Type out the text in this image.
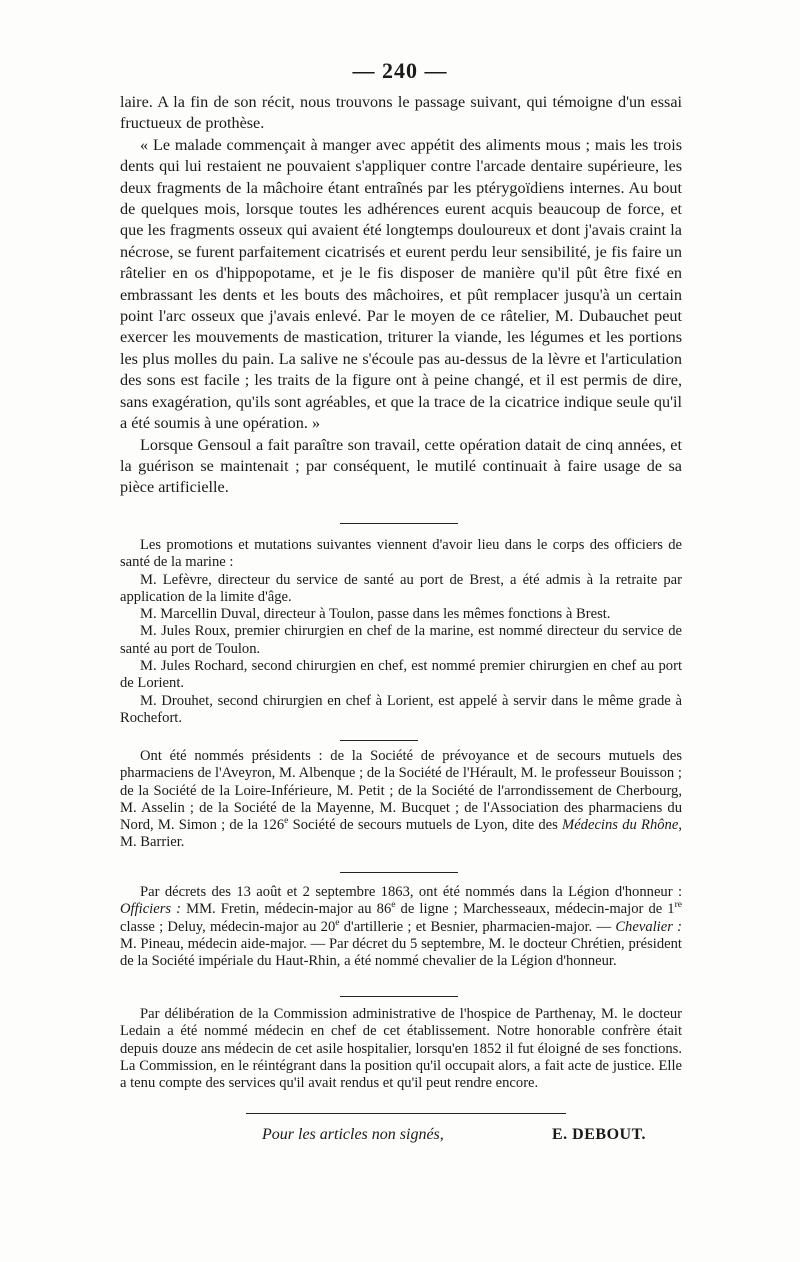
— 240 —

laire. A la fin de son récit, nous trouvons le passage suivant, qui témoigne d'un essai fructueux de prothèse.

« Le malade commençait à manger avec appétit des aliments mous ; mais les trois dents qui lui restaient ne pouvaient s'appliquer contre l'arcade dentaire supérieure, les deux fragments de la mâchoire étant entraînés par les ptérygoïdiens internes. Au bout de quelques mois, lorsque toutes les adhérences eurent acquis beaucoup de force, et que les fragments osseux qui avaient été longtemps douloureux et dont j'avais craint la nécrose, se furent parfaitement cicatrisés et eurent perdu leur sensibilité, je fis faire un râtelier en os d'hippopotame, et je le fis disposer de manière qu'il pût être fixé en embrassant les dents et les bouts des mâchoires, et pût remplacer jusqu'à un certain point l'arc osseux que j'avais enlevé. Par le moyen de ce râtelier, M. Dubauchet peut exercer les mouvements de mastication, triturer la viande, les légumes et les portions les plus molles du pain. La salive ne s'écoule pas au-dessus de la lèvre et l'articulation des sons est facile ; les traits de la figure ont à peine changé, et il est permis de dire, sans exagération, qu'ils sont agréables, et que la trace de la cicatrice indique seule qu'il a été soumis à une opération. »

Lorsque Gensoul a fait paraître son travail, cette opération datait de cinq années, et la guérison se maintenait ; par conséquent, le mutilé continuait à faire usage de sa pièce artificielle.

Les promotions et mutations suivantes viennent d'avoir lieu dans le corps des officiers de santé de la marine :

M. Lefèvre, directeur du service de santé au port de Brest, a été admis à la retraite par application de la limite d'âge.

M. Marcellin Duval, directeur à Toulon, passe dans les mêmes fonctions à Brest.

M. Jules Roux, premier chirurgien en chef de la marine, est nommé directeur du service de santé au port de Toulon.

M. Jules Rochard, second chirurgien en chef, est nommé premier chirurgien en chef au port de Lorient.

M. Drouhet, second chirurgien en chef à Lorient, est appelé à servir dans le même grade à Rochefort.

Ont été nommés présidents : de la Société de prévoyance et de secours mutuels des pharmaciens de l'Aveyron, M. Albenque ; de la Société de l'Hérault, M. le professeur Bouisson ; de la Société de la Loire-Inférieure, M. Petit ; de la Société de l'arrondissement de Cherbourg, M. Asselin ; de la Société de la Mayenne, M. Bucquet ; de l'Association des pharmaciens du Nord, M. Simon ; de la 126e Société de secours mutuels de Lyon, dite des Médecins du Rhône, M. Barrier.

Par décrets des 13 août et 2 septembre 1863, ont été nommés dans la Légion d'honneur : Officiers : MM. Fretin, médecin-major au 86e de ligne ; Marchesseaux, médecin-major de 1re classe ; Deluy, médecin-major au 20e d'artillerie ; et Besnier, pharmacien-major. — Chevalier : M. Pineau, médecin aide-major. — Par décret du 5 septembre, M. le docteur Chrétien, président de la Société impériale du Haut-Rhin, a été nommé chevalier de la Légion d'honneur.

Par délibération de la Commission administrative de l'hospice de Parthenay, M. le docteur Ledain a été nommé médecin en chef de cet établissement. Notre honorable confrère était depuis douze ans médecin de cet asile hospitalier, lorsqu'en 1852 il fut éloigné de ses fonctions. La Commission, en le réintégrant dans la position qu'il occupait alors, a fait acte de justice. Elle a tenu compte des services qu'il avait rendus et qu'il peut rendre encore.

Pour les articles non signés,	E. DEBOUT.
